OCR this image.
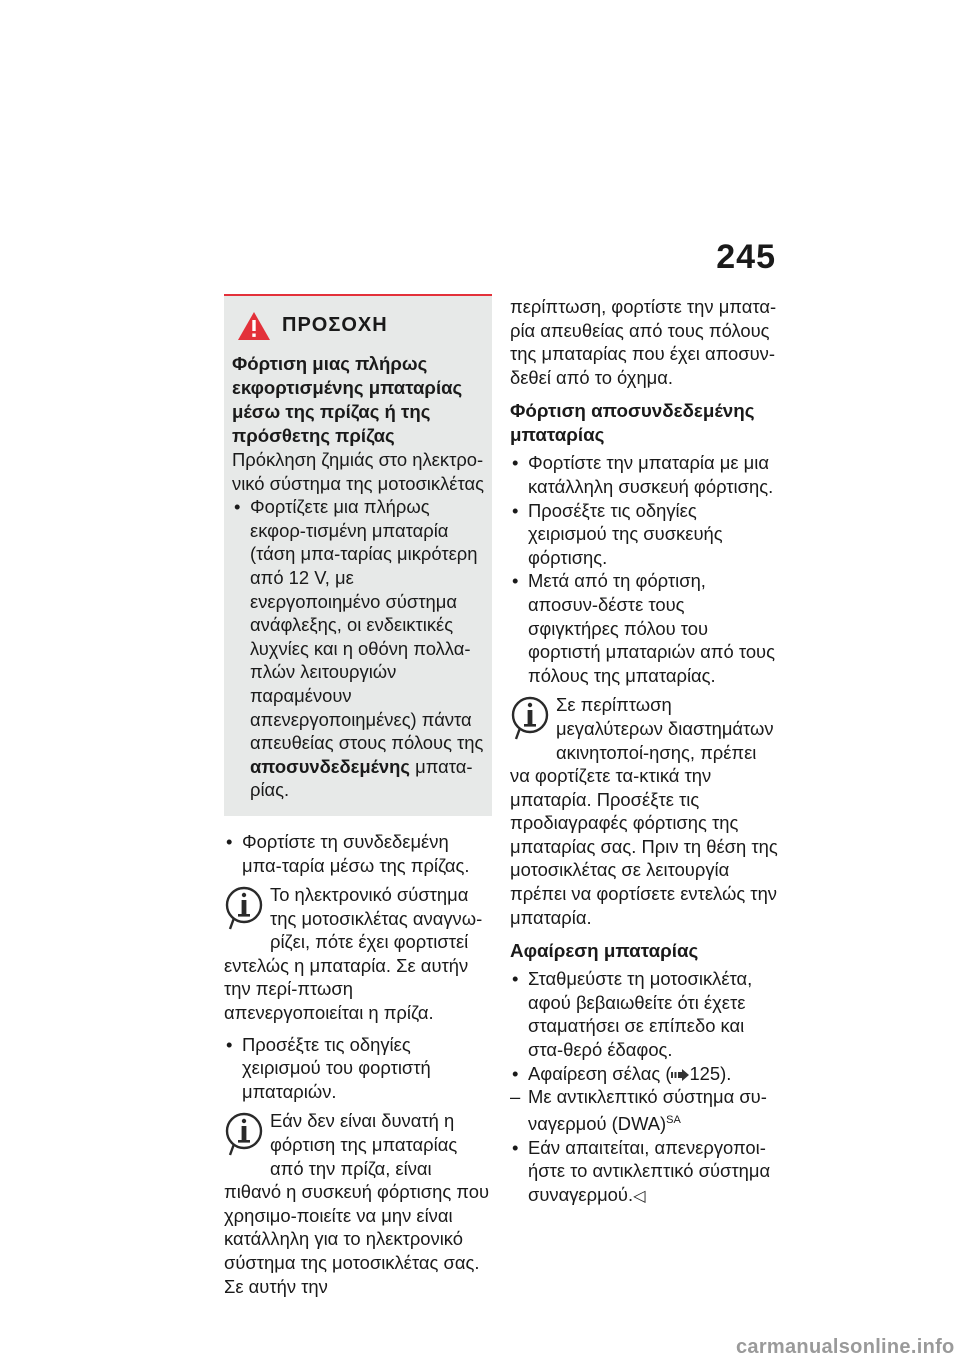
245
ΠΡΟΣΟΧΗ

Φόρτιση μιας πλήρως εκφορτισμένης μπαταρίας μέσω της πρίζας ή της πρόσθετης πρίζας

Πρόκληση ζημιάς στο ηλεκτρο-νικό σύστημα της μοτοσικλέτας

• Φορτίζετε μια πλήρως εκφορ-τισμένη μπαταρία (τάση μπα-ταρίας μικρότερη από 12 V, με ενεργοποιημένο σύστημα ανάφλεξης, οι ενδεικτικές λυχνίες και η οθόνη πολλα-πλών λειτουργιών παραμένουν απενεργοποιημένες) πάντα απευθείας στους πόλους της αποσυνδεδεμένης μπατα-ρίας.

• Φορτίστε τη συνδεδεμένη μπα-ταρία μέσω της πρίζας.

Το ηλεκτρονικό σύστημα της μοτοσικλέτας αναγνω-ρίζει, πότε έχει φορτιστεί εντελώς η μπαταρία. Σε αυτήν την περί-πτωση απενεργοποιείται η πρίζα.

• Προσέξτε τις οδηγίες χειρισμού του φορτιστή μπαταριών.

Εάν δεν είναι δυνατή η φόρτιση της μπαταρίας από την πρίζα, είναι πιθανό η συσκευή φόρτισης που χρησιμο-ποιείτε να μην είναι κατάλληλη για το ηλεκτρονικό σύστημα της μοτοσικλέτας σας. Σε αυτήν την

περίπτωση, φορτίστε την μπατα-ρία απευθείας από τους πόλους της μπαταρίας που έχει αποσυν-δεθεί από το όχημα.

Φόρτιση αποσυνδεδεμένης μπαταρίας

• Φορτίστε την μπαταρία με μια κατάλληλη συσκευή φόρτισης.

• Προσέξτε τις οδηγίες χειρισμού της συσκευής φόρτισης.

• Μετά από τη φόρτιση, αποσυν-δέστε τους σφιγκτήρες πόλου του φορτιστή μπαταριών από τους πόλους της μπαταρίας.

Σε περίπτωση μεγαλύτερων διαστημάτων ακινητοποί-ησης, πρέπει να φορτίζετε τα-κτικά την μπαταρία. Προσέξτε τις προδιαγραφές φόρτισης της μπαταρίας σας. Πριν τη θέση της μοτοσικλέτας σε λειτουργία πρέπει να φορτίσετε εντελώς την μπαταρία.

Αφαίρεση μπαταρίας

• Σταθμεύστε τη μοτοσικλέτα, αφού βεβαιωθείτε ότι έχετε σταματήσει σε επίπεδο και στα-θερό έδαφος.

• Αφαίρεση σέλας ( 125).

– Με αντικλεπτικό σύστημα συ-ναγερμού (DWA)$^{SA}$

• Εάν απαιτείται, απενεργοποι-ήστε το αντικλεπτικό σύστημα συναγερμού.◁

carmanualsonline.info
